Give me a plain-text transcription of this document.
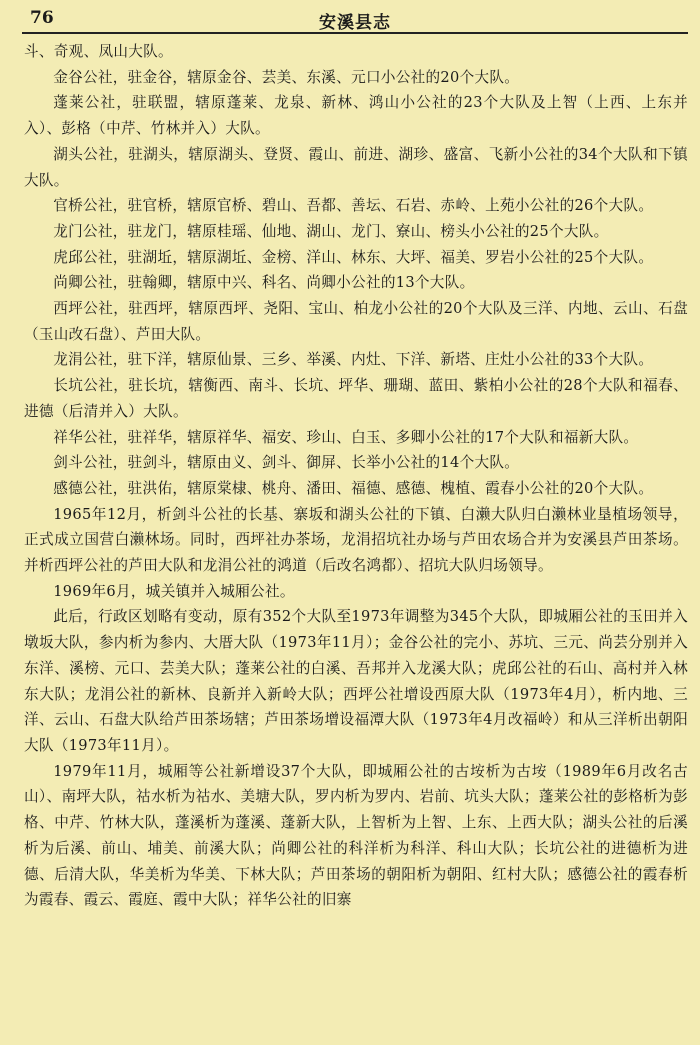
76	安溪县志

斗、奇观、凤山大队。

金谷公社，驻金谷，辖原金谷、芸美、东溪、元口小公社的20个大队。

蓬莱公社，驻联盟，辖原蓬莱、龙泉、新林、鸿山小公社的23个大队及上智（上西、上东并入）、彭格（中芹、竹林并入）大队。

湖头公社，驻湖头，辖原湖头、登贤、霞山、前进、湖珍、盛富、飞新小公社的34个大队和下镇大队。

官桥公社，驻官桥，辖原官桥、碧山、吾都、善坛、石岩、赤岭、上苑小公社的26个大队。

龙门公社，驻龙门，辖原桂瑶、仙地、湖山、龙门、寮山、榜头小公社的25个大队。

虎邱公社，驻湖坵，辖原湖坵、金榜、洋山、林东、大坪、福美、罗岩小公社的25个大队。

尚卿公社，驻翰卿，辖原中兴、科名、尚卿小公社的13个大队。

西坪公社，驻西坪，辖原西坪、尧阳、宝山、柏龙小公社的20个大队及三洋、内地、云山、石盘（玉山改石盘）、芦田大队。

龙涓公社，驻下洋，辖原仙景、三乡、举溪、内灶、下洋、新塔、庄灶小公社的33个大队。

长坑公社，驻长坑，辖衡西、南斗、长坑、坪华、珊瑚、蓝田、紫柏小公社的28个大队和福春、进德（后清并入）大队。

祥华公社，驻祥华，辖原祥华、福安、珍山、白玉、多卿小公社的17个大队和福新大队。

剑斗公社，驻剑斗，辖原由义、剑斗、御屏、长举小公社的14个大队。

感德公社，驻洪佑，辖原棠棣、桃舟、潘田、福德、感德、槐植、霞春小公社的20个大队。

1965年12月，析剑斗公社的长基、寨坂和湖头公社的下镇、白濑大队归白濑林业垦植场领导，正式成立国营白濑林场。同时，西坪社办茶场，龙涓招坑社办场与芦田农场合并为安溪县芦田茶场。并析西坪公社的芦田大队和龙涓公社的鸿道（后改名鸿都）、招坑大队归场领导。

1969年6月，城关镇并入城厢公社。

此后，行政区划略有变动，原有352个大队至1973年调整为345个大队，即城厢公社的玉田并入墩坂大队，参内析为参内、大厝大队（1973年11月）；金谷公社的完小、苏坑、三元、尚芸分别并入东洋、溪榜、元口、芸美大队；蓬莱公社的白溪、吾邦并入龙溪大队；虎邱公社的石山、高村并入林东大队；龙涓公社的新林、良新并入新岭大队；西坪公社增设西原大队（1973年4月），析内地、三洋、云山、石盘大队给芦田茶场辖；芦田茶场增设福潭大队（1973年4月改福岭）和从三洋析出朝阳大队（1973年11月）。

1979年11月，城厢等公社新增设37个大队，即城厢公社的古垵析为古垵（1989年6月改名古山）、南坪大队，祜水析为祜水、美塘大队，罗内析为罗内、岩前、坑头大队；蓬莱公社的彭格析为彭格、中芹、竹林大队，蓬溪析为蓬溪、蓬新大队，上智析为上智、上东、上西大队；湖头公社的后溪析为后溪、前山、埔美、前溪大队；尚卿公社的科洋析为科洋、科山大队；长坑公社的进德析为进德、后清大队，华美析为华美、下林大队；芦田茶场的朝阳析为朝阳、红村大队；感德公社的霞春析为霞春、霞云、霞庭、霞中大队；祥华公社的旧寨
